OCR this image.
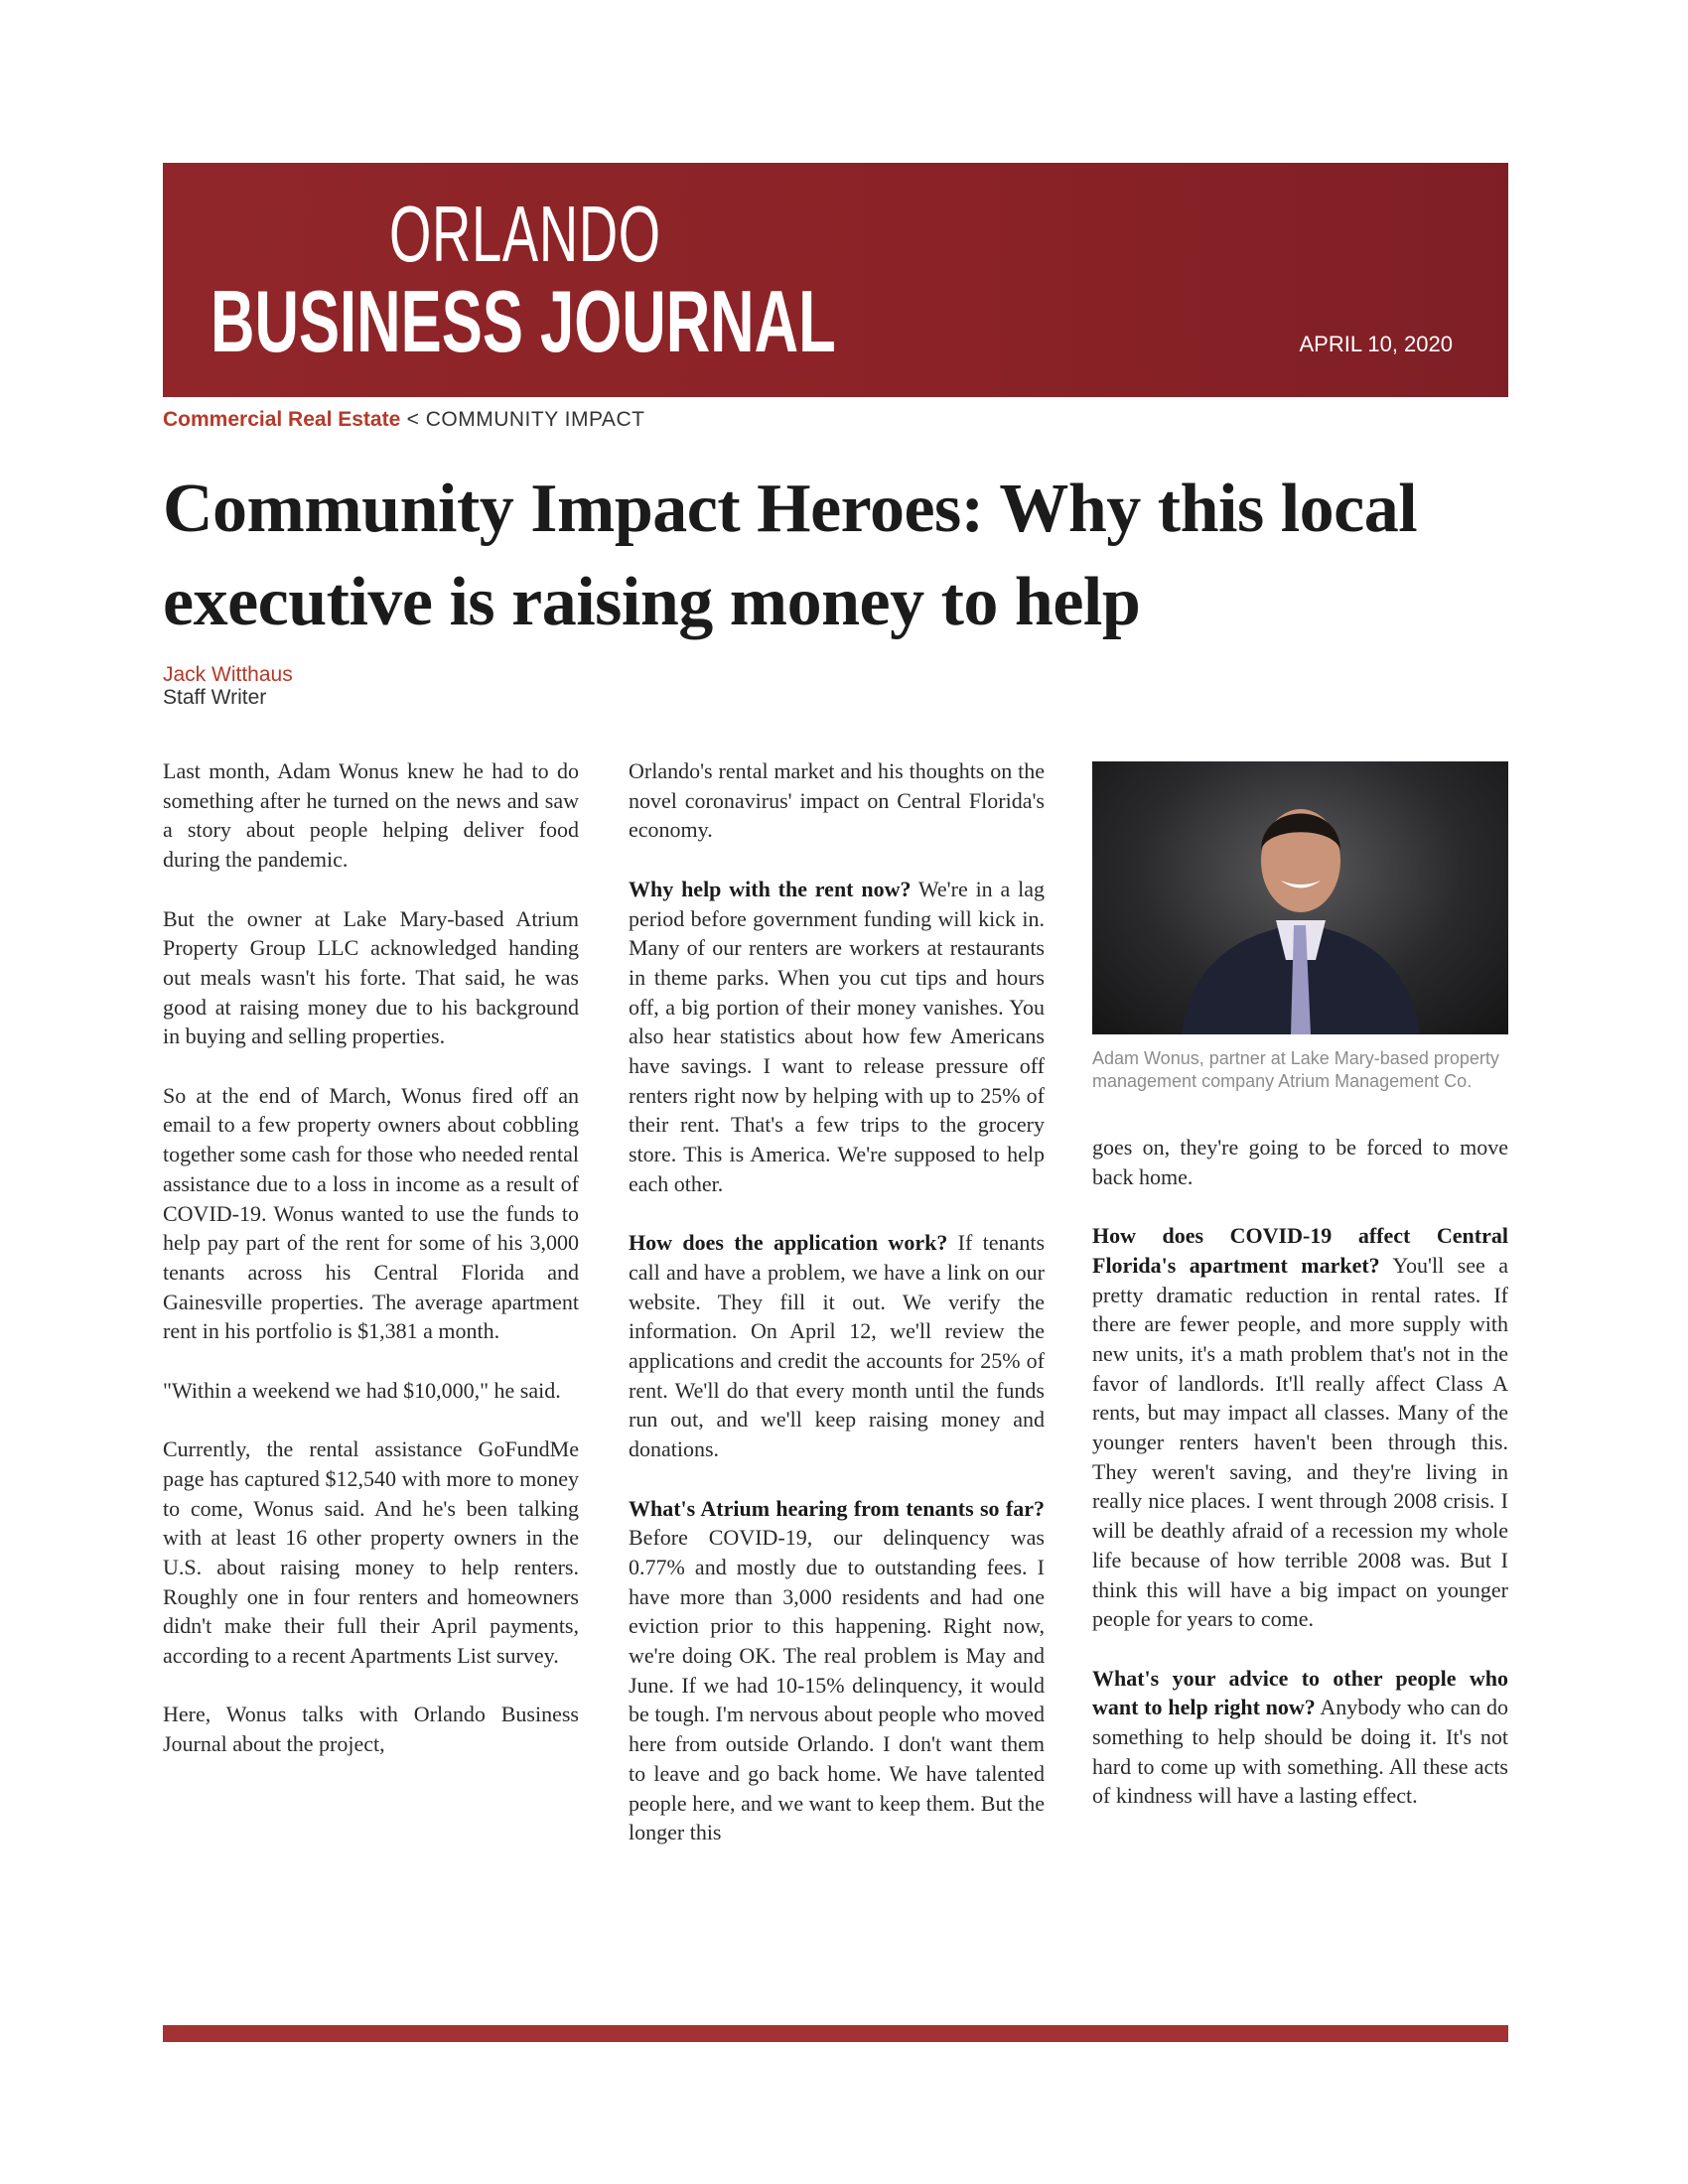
ORLANDO
BUSINESS JOURNAL	APRIL 10, 2020
Commercial Real Estate < COMMUNITY IMPACT
Community Impact Heroes: Why this local executive is raising money to help
Jack Witthaus
Staff Writer

Last month, Adam Wonus knew he had to do something after he turned on the news and saw a story about people helping deliver food during the pandemic.

But the owner at Lake Mary-based Atrium Property Group LLC acknowledged handing out meals wasn't his forte. That said, he was good at raising money due to his background in buying and selling properties.

So at the end of March, Wonus fired off an email to a few property owners about cobbling together some cash for those who needed rental assistance due to a loss in income as a result of COVID-19. Wonus wanted to use the funds to help pay part of the rent for some of his 3,000 tenants across his Central Florida and Gainesville properties. The average apartment rent in his portfolio is $1,381 a month.

"Within a weekend we had $10,000," he said.

Currently, the rental assistance GoFundMe page has captured $12,540 with more to money to come, Wonus said. And he's been talking with at least 16 other property owners in the U.S. about raising money to help renters. Roughly one in four renters and homeowners didn't make their full their April payments, according to a recent Apartments List survey.

Here, Wonus talks with Orlando Business Journal about the project,

Orlando's rental market and his thoughts on the novel coronavirus' impact on Central Florida's economy.

Why help with the rent now? We're in a lag period before government funding will kick in. Many of our renters are workers at restaurants in theme parks. When you cut tips and hours off, a big portion of their money vanishes. You also hear statistics about how few Americans have savings. I want to release pressure off renters right now by helping with up to 25% of their rent. That's a few trips to the grocery store. This is America. We're supposed to help each other.

How does the application work? If tenants call and have a problem, we have a link on our website. They fill it out. We verify the information. On April 12, we'll review the applications and credit the accounts for 25% of rent. We'll do that every month until the funds run out, and we'll keep raising money and donations.

What's Atrium hearing from tenants so far? Before COVID-19, our delinquency was 0.77% and mostly due to outstanding fees. I have more than 3,000 residents and had one eviction prior to this happening. Right now, we're doing OK. The real problem is May and June. If we had 10-15% delinquency, it would be tough. I'm nervous about people who moved here from outside Orlando. I don't want them to leave and go back home. We have talented people here, and we want to keep them. But the longer this

Adam Wonus, partner at Lake Mary-based property management company Atrium Management Co.

goes on, they're going to be forced to move back home.

How does COVID-19 affect Central Florida's apartment market? You'll see a pretty dramatic reduction in rental rates. If there are fewer people, and more supply with new units, it's a math problem that's not in the favor of landlords. It'll really affect Class A rents, but may impact all classes. Many of the younger renters haven't been through this. They weren't saving, and they're living in really nice places. I went through 2008 crisis. I will be deathly afraid of a recession my whole life because of how terrible 2008 was. But I think this will have a big impact on younger people for years to come.

What's your advice to other people who want to help right now? Anybody who can do something to help should be doing it. It's not hard to come up with something. All these acts of kindness will have a lasting effect.
